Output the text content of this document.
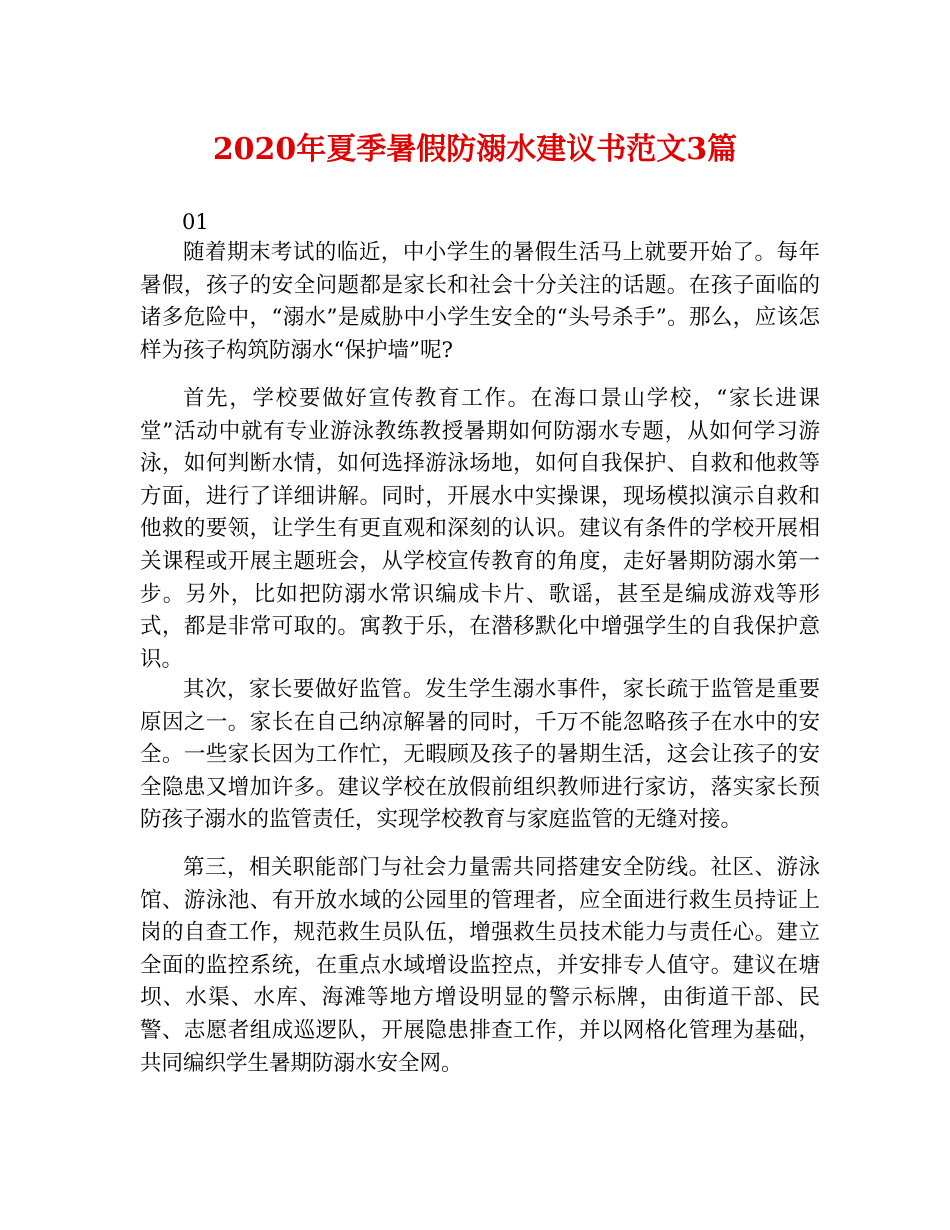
2020年夏季暑假防溺水建议书范文3篇
01

随着期末考试的临近，中小学生的暑假生活马上就要开始了。每年暑假，孩子的安全问题都是家长和社会十分关注的话题。在孩子面临的诸多危险中，“溺水”是威胁中小学生安全的“头号杀手”。那么，应该怎样为孩子构筑防溺水“保护墙”呢?

首先，学校要做好宣传教育工作。在海口景山学校，“家长进课堂”活动中就有专业游泳教练教授暑期如何防溺水专题，从如何学习游泳，如何判断水情，如何选择游泳场地，如何自我保护、自救和他救等方面，进行了详细讲解。同时，开展水中实操课，现场模拟演示自救和他救的要领，让学生有更直观和深刻的认识。建议有条件的学校开展相关课程或开展主题班会，从学校宣传教育的角度，走好暑期防溺水第一步。另外，比如把防溺水常识编成卡片、歌谣，甚至是编成游戏等形式，都是非常可取的。寓教于乐，在潜移默化中增强学生的自我保护意识。

其次，家长要做好监管。发生学生溺水事件，家长疏于监管是重要原因之一。家长在自己纳凉解暑的同时，千万不能忽略孩子在水中的安全。一些家长因为工作忙，无暇顾及孩子的暑期生活，这会让孩子的安全隐患又增加许多。建议学校在放假前组织教师进行家访，落实家长预防孩子溺水的监管责任，实现学校教育与家庭监管的无缝对接。

第三，相关职能部门与社会力量需共同搭建安全防线。社区、游泳馆、游泳池、有开放水域的公园里的管理者，应全面进行救生员持证上岗的自查工作，规范救生员队伍，增强救生员技术能力与责任心。建立全面的监控系统，在重点水域增设监控点，并安排专人值守。建议在塘坝、水渠、水库、海滩等地方增设明显的警示标牌，由街道干部、民警、志愿者组成巡逻队，开展隐患排查工作，并以网格化管理为基础，共同编织学生暑期防溺水安全网。
